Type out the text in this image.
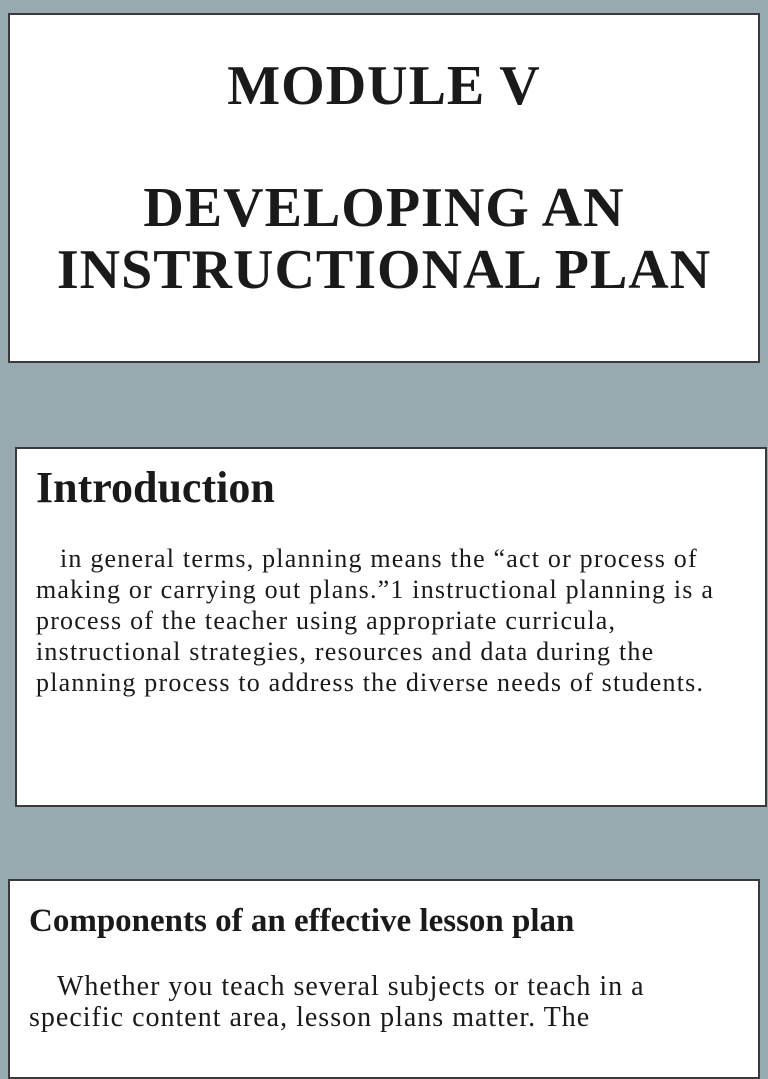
MODULE V
DEVELOPING AN
INSTRUCTIONAL PLAN
Introduction
in general terms, planning means the “act or process of making or carrying out plans.”1 instructional planning is a process of the teacher using appropriate curricula, instructional strategies, resources and data during the planning process to address the diverse needs of students.
Components of an effective lesson plan
Whether you teach several subjects or teach in a specific content area, lesson plans matter. The
